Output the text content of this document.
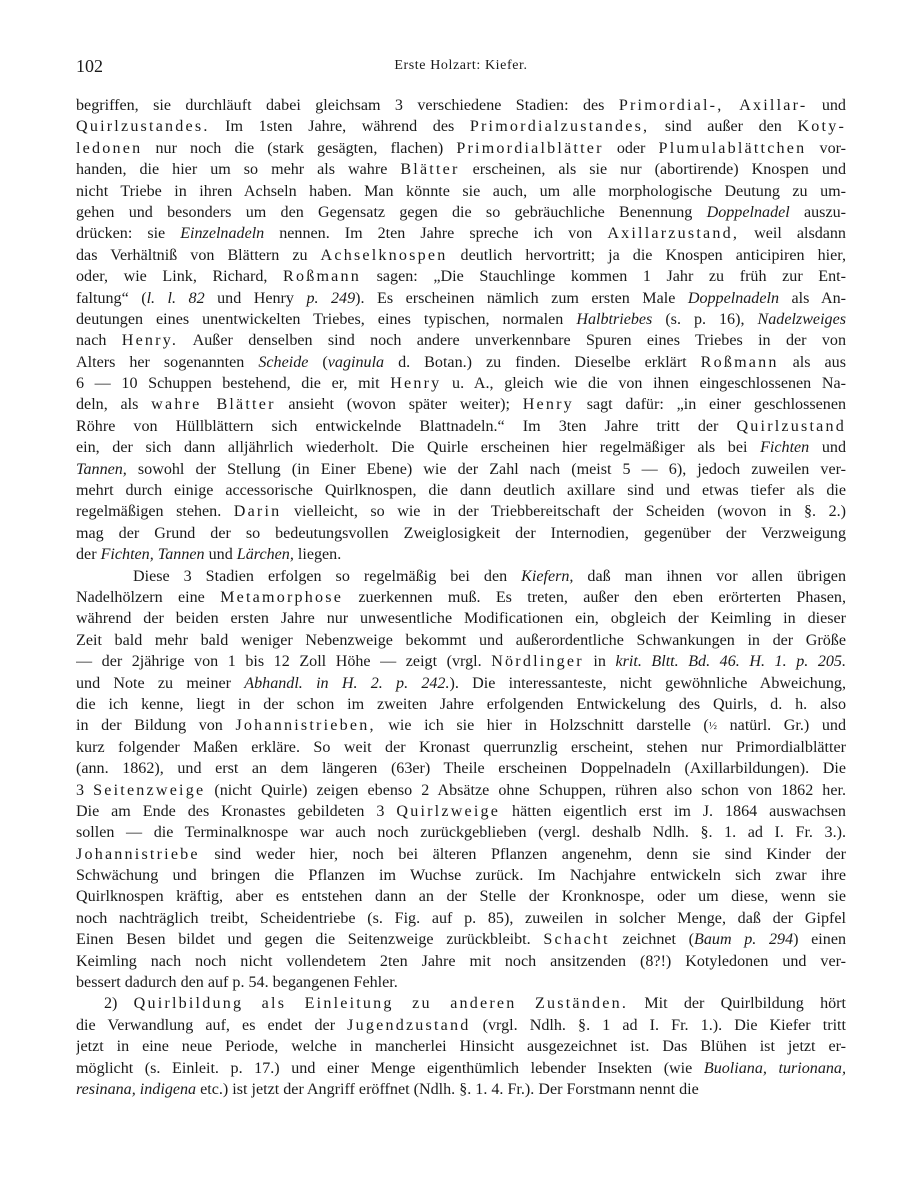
102	Erste Holzart: Kiefer.
begriffen, sie durchläuft dabei gleichsam 3 verschiedene Stadien: des Primordial-, Axillar- und
Quirlzustandes. Im 1sten Jahre, während des Primordialzustandes, sind außer den Koty-
ledonen nur noch die (stark gesägten, flachen) Primordialblätter oder Plumulablättchen vor-
handen, die hier um so mehr als wahre Blätter erscheinen, als sie nur (abortirende) Knospen und
nicht Triebe in ihren Achseln haben. Man könnte sie auch, um alle morphologische Deutung zu um-
gehen und besonders um den Gegensatz gegen die so gebräuchliche Benennung Doppelnadel auszu-
drücken: sie Einzelnadeln nennen. Im 2ten Jahre spreche ich von Axillarzustand, weil alsdann
das Verhältniß von Blättern zu Achselknospen deutlich hervortritt; ja die Knospen anticipiren hier,
oder, wie Link, Richard, Roßmann sagen: „Die Stauchlinge kommen 1 Jahr zu früh zur Ent-
faltung“ (l. l. 82 und Henry p. 249). Es erscheinen nämlich zum ersten Male Doppelnadeln als An-
deutungen eines unentwickelten Triebes, eines typischen, normalen Halbtriebes (s. p. 16), Nadelzweiges
nach Henry. Außer denselben sind noch andere unverkennbare Spuren eines Triebes in der von
Alters her sogenannten Scheide (vaginula d. Botan.) zu finden. Dieselbe erklärt Roßmann als aus
6 — 10 Schuppen bestehend, die er, mit Henry u. A., gleich wie die von ihnen eingeschlossenen Na-
deln, als wahre Blätter ansieht (wovon später weiter); Henry sagt dafür: „in einer geschlossenen
Röhre von Hüllblättern sich entwickelnde Blattnadeln.“ Im 3ten Jahre tritt der Quirlzustand
ein, der sich dann alljährlich wiederholt. Die Quirle erscheinen hier regelmäßiger als bei Fichten und
Tannen, sowohl der Stellung (in Einer Ebene) wie der Zahl nach (meist 5 — 6), jedoch zuweilen ver-
mehrt durch einige accessorische Quirlknospen, die dann deutlich axillare sind und etwas tiefer als die
regelmäßigen stehen. Darin vielleicht, so wie in der Triebbereitschaft der Scheiden (wovon in §. 2.)
mag der Grund der so bedeutungsvollen Zweiglosigkeit der Internodien, gegenüber der Verzweigung
der Fichten, Tannen und Lärchen, liegen.
Diese 3 Stadien erfolgen so regelmäßig bei den Kiefern, daß man ihnen vor allen übrigen
Nadelhölzern eine Metamorphose zuerkennen muß. Es treten, außer den eben erörterten Phasen,
während der beiden ersten Jahre nur unwesentliche Modificationen ein, obgleich der Keimling in dieser
Zeit bald mehr bald weniger Nebenzweige bekommt und außerordentliche Schwankungen in der Größe
— der 2jährige von 1 bis 12 Zoll Höhe — zeigt (vrgl. Nördlinger in krit. Bltt. Bd. 46. H. 1. p. 205.
und Note zu meiner Abhandl. in H. 2. p. 242.). Die interessanteste, nicht gewöhnliche Abweichung,
die ich kenne, liegt in der schon im zweiten Jahre erfolgenden Entwickelung des Quirls, d. h. also
in der Bildung von Johannistrieben, wie ich sie hier in Holzschnitt darstelle (½ natürl. Gr.) und
kurz folgender Maßen erkläre. So weit der Kronast querrunzlig erscheint, stehen nur Primordialblätter
(ann. 1862), und erst an dem längeren (63er) Theile erscheinen Doppelnadeln (Axillarbildungen). Die
3 Seitenzweige (nicht Quirle) zeigen ebenso 2 Absätze ohne Schuppen, rühren also schon von 1862 her.
Die am Ende des Kronastes gebildeten 3 Quirlzweige hätten eigentlich erst im J. 1864 auswachsen
sollen — die Terminalknospe war auch noch zurückgeblieben (vergl. deshalb Ndlh. §. 1. ad I. Fr. 3.).
Johannistriebe sind weder hier, noch bei älteren Pflanzen angenehm, denn sie sind Kinder der
Schwächung und bringen die Pflanzen im Wuchse zurück. Im Nachjahre entwickeln sich zwar ihre
Quirlknospen kräftig, aber es entstehen dann an der Stelle der Kronknospe, oder um diese, wenn sie
noch nachträglich treibt, Scheidentriebe (s. Fig. auf p. 85), zuweilen in solcher Menge, daß der Gipfel
Einen Besen bildet und gegen die Seitenzweige zurückbleibt. Schacht zeichnet (Baum p. 294) einen
Keimling nach noch nicht vollendetem 2ten Jahre mit noch ansitzenden (8?!) Kotyledonen und ver-
bessert dadurch den auf p. 54. begangenen Fehler.
2) Quirlbildung als Einleitung zu anderen Zuständen. Mit der Quirlbildung hört
die Verwandlung auf, es endet der Jugendzustand (vrgl. Ndlh. §. 1 ad I. Fr. 1.). Die Kiefer tritt
jetzt in eine neue Periode, welche in mancherlei Hinsicht ausgezeichnet ist. Das Blühen ist jetzt er-
möglicht (s. Einleit. p. 17.) und einer Menge eigenthümlich lebender Insekten (wie Buoliana, turionana,
resinana, indigena etc.) ist jetzt der Angriff eröffnet (Ndlh. §. 1. 4. Fr.). Der Forstmann nennt die
